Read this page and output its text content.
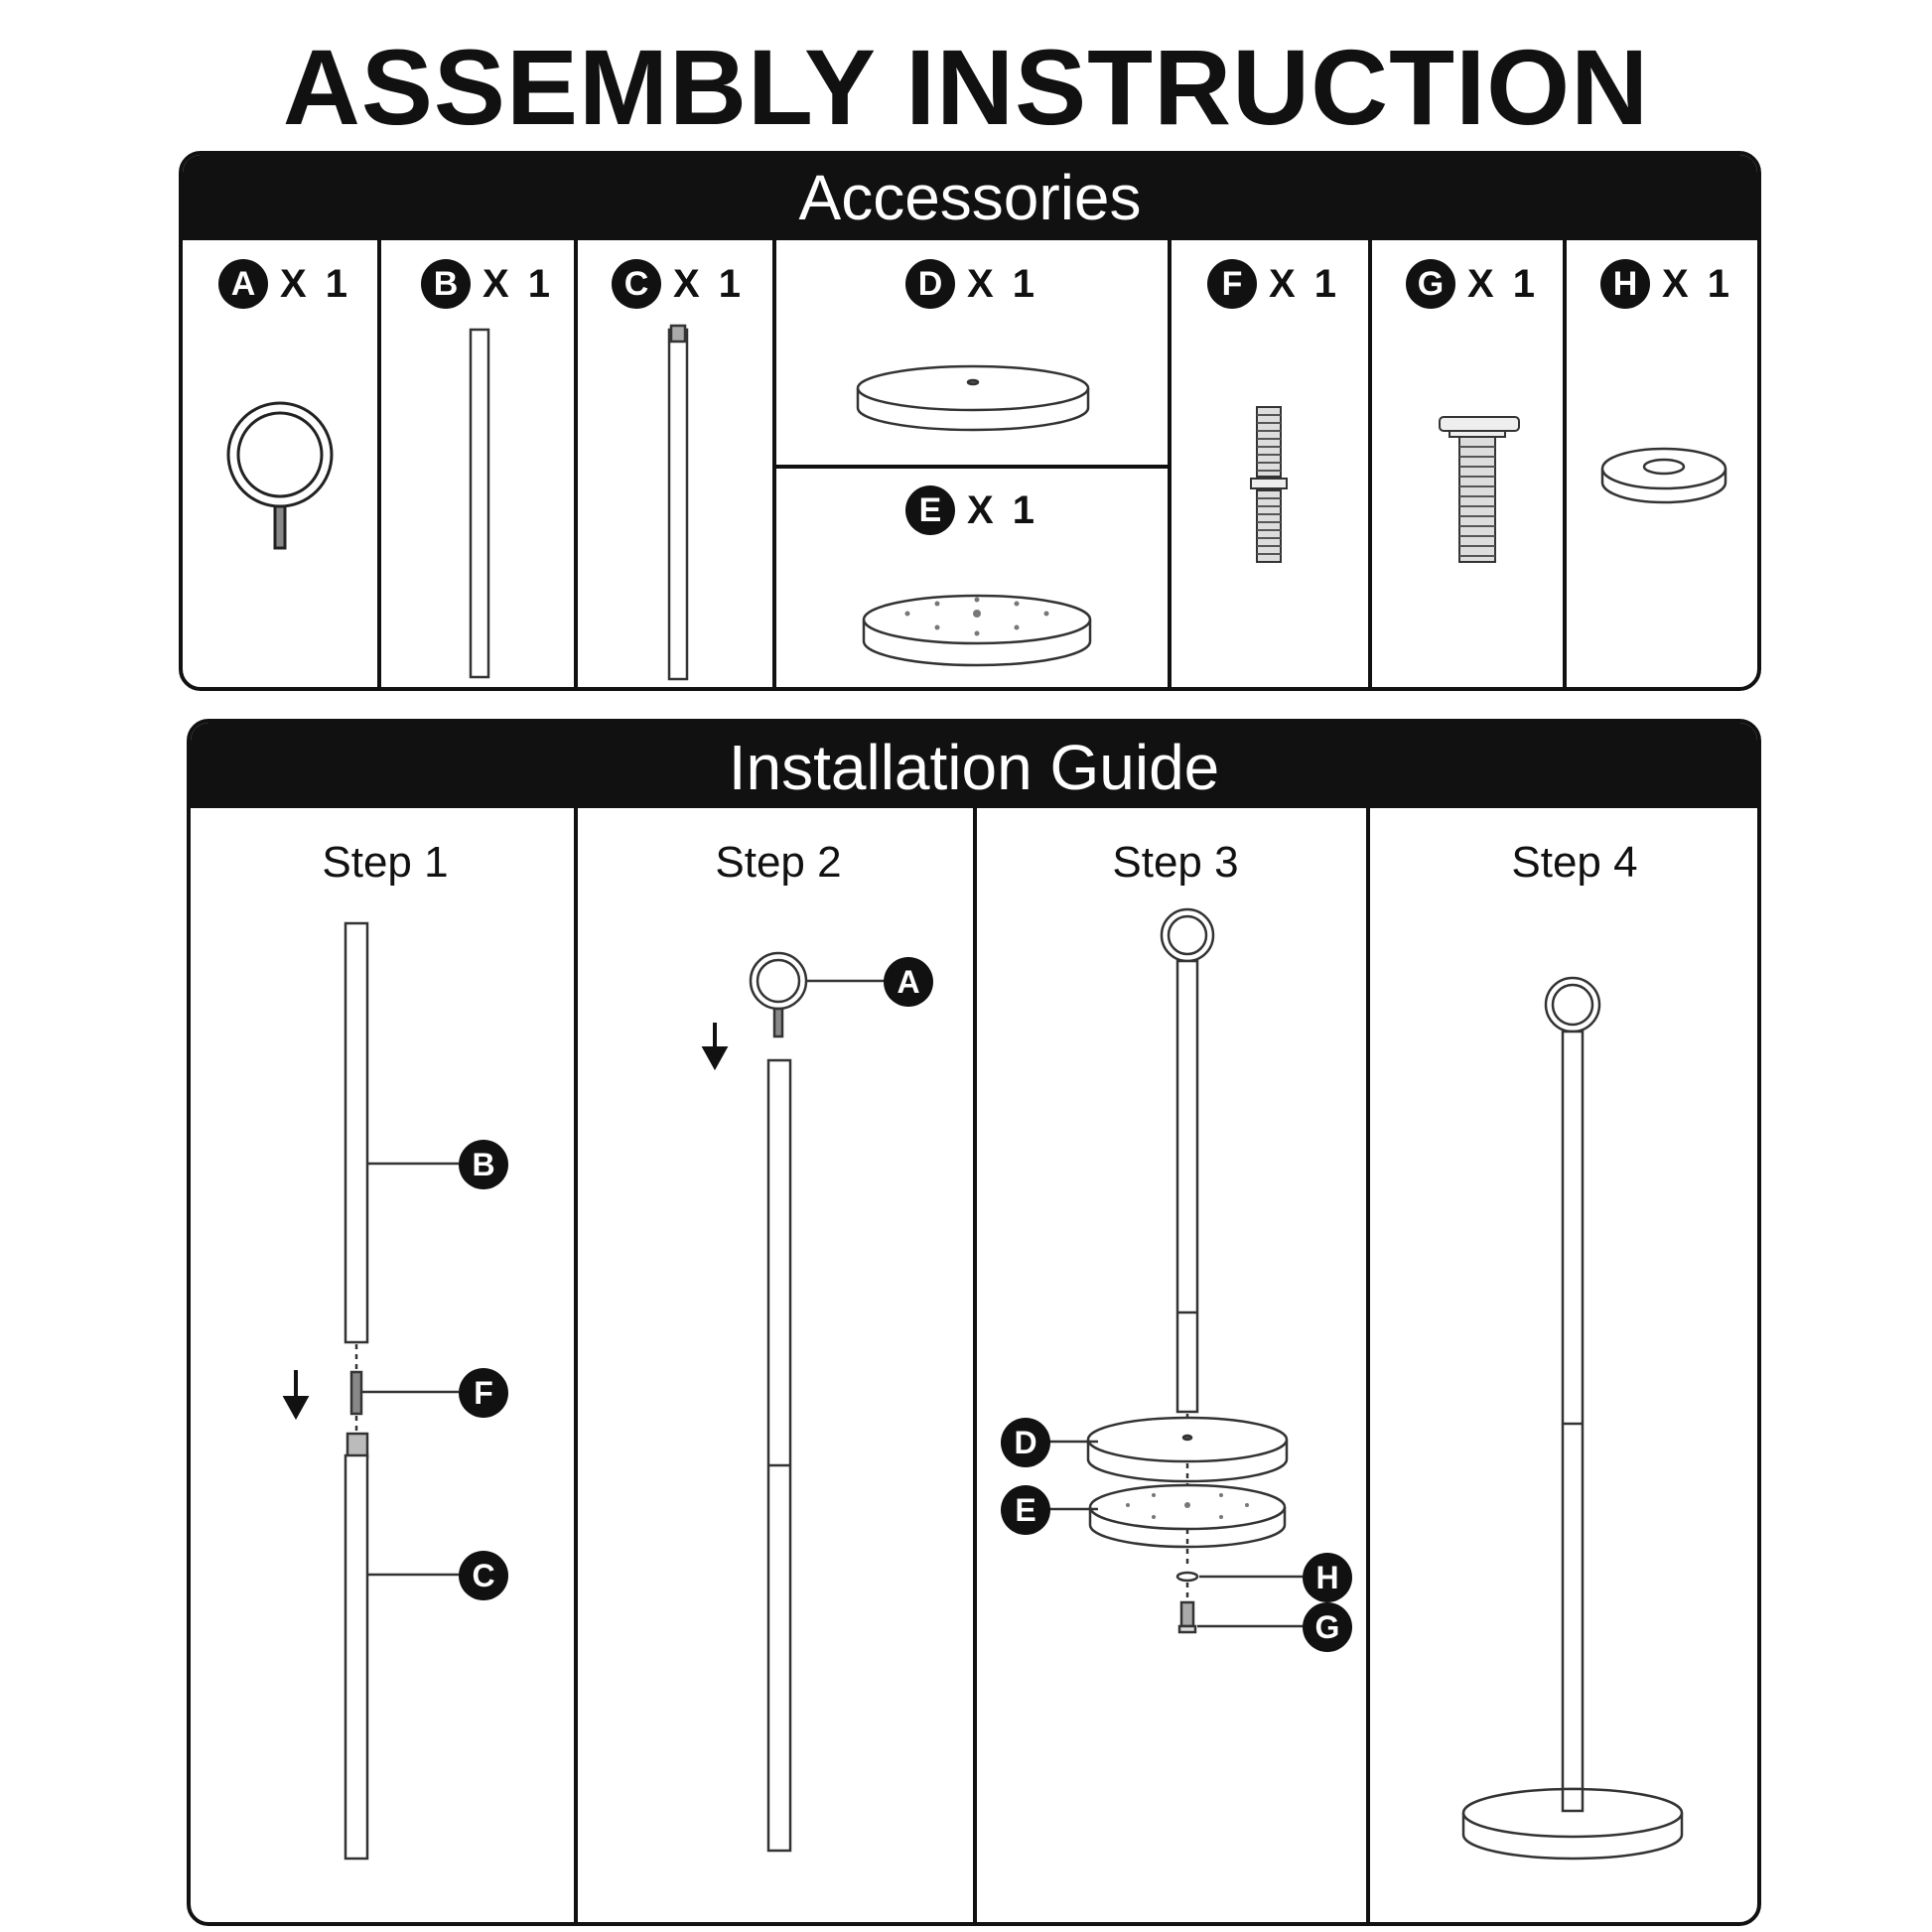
ASSEMBLY INSTRUCTION
Accessories
A X 1	B X 1	C X 1	D X 1
E X 1
F X 1	G X 1	H X 1
Installation Guide
Step 1	Step 2	Step 3	Step 4
B
F
C
A
D
E
H
G
